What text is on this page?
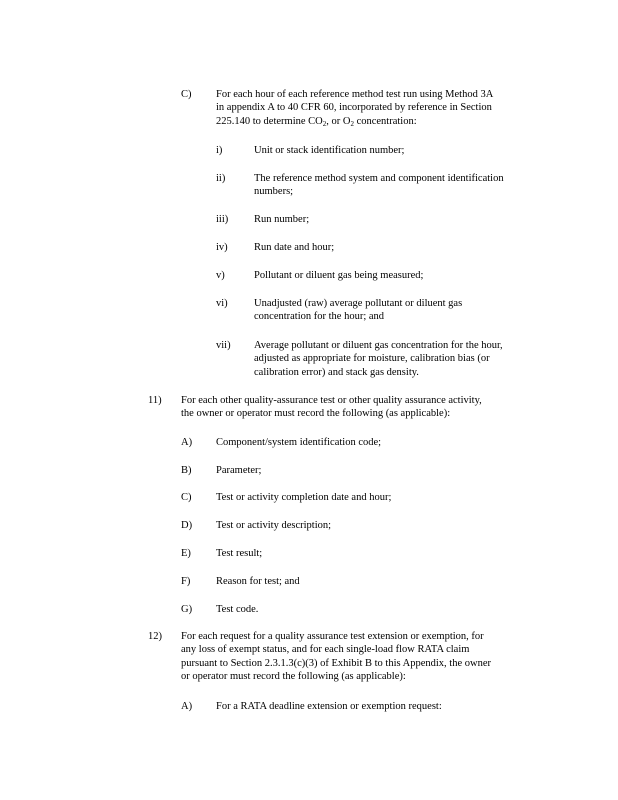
C) For each hour of each reference method test run using Method 3A
in appendix A to 40 CFR 60, incorporated by reference in Section
225.140 to determine $CO_2$, or $O_2$ concentration:
i)	Unit or stack identification number;
ii)	The reference method system and component identification
numbers;
iii) Run number;
iv)	Run date and hour;
v)	Pollutant or diluent gas being measured;
vi)	Unadjusted (raw) average pollutant or diluent gas
concentration for the hour; and
vii) Average pollutant or diluent gas concentration for the hour,
adjusted as appropriate for moisture, calibration bias (or
calibration error) and stack gas density.
11) For each other quality-assurance test or other quality assurance activity,
the owner or operator must record the following (as applicable):
A) Component/system identification code;
B) Parameter;
C) Test or activity completion date and hour;
D) Test or activity description;
E) Test result;
F) Reason for test; and
G) Test code.
12) For each request for a quality assurance test extension or exemption, for
any loss of exempt status, and for each single-load flow RATA claim
pursuant to Section 2.3.1.3(c)(3) of Exhibit B to this Appendix, the owner
or operator must record the following (as applicable):
A) For a RATA deadline extension or exemption request:
